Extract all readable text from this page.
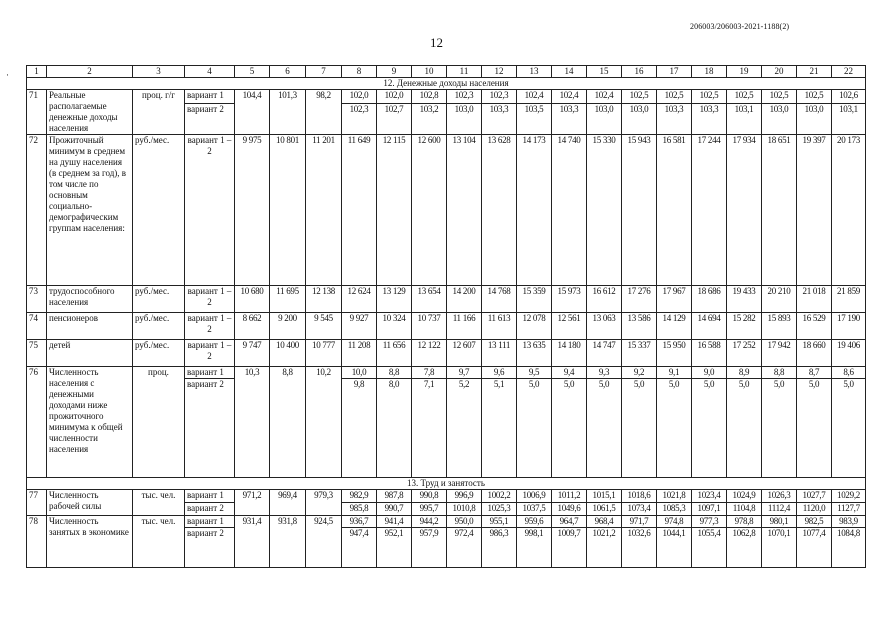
206003/206003-2021-1188(2)
12
·	1	2	3	4	5	6	7	8	9	10	11	12	13	14	15	16	17	18	19	20	21	22
12. Денежные доходы населения																					
71	Реальные располагаемые денежные доходы населения	проц. г/г	вариант 1	104,4	101,3	98,2	102,0	102,0	102,8	102,3	102,3	102,4	102,4	102,4	102,5	102,5	102,5	102,5	102,5	102,5	102,6

			вариант 2				102,3	102,7	103,2	103,0	103,3	103,5	103,3	103,0	103,0	103,3	103,3	103,1	103,0	103,0	103,1

72	Прожиточный минимум в среднем на душу населения (в среднем за год), в том числе по основным социально-демографическим группам населения:	руб./мес.	вариант 1 – 2	9 975	10 801	11 201	11 649	12 115	12 600	13 104	13 628	14 173	14 740	15 330	15 943	16 581	17 244	17 934	18 651	19 397	20 173

73	трудоспособного населения	руб./мес.	вариант 1 – 2	10 680	11 695	12 138	12 624	13 129	13 654	14 200	14 768	15 359	15 973	16 612	17 276	17 967	18 686	19 433	20 210	21 018	21 859

74	пенсионеров	руб./мес.	вариант 1 – 2	8 662	9 200	9 545	9 927	10 324	10 737	11 166	11 613	12 078	12 561	13 063	13 586	14 129	14 694	15 282	15 893	16 529	17 190

75	детей	руб./мес.	вариант 1 – 2	9 747	10 400	10 777	11 208	11 656	12 122	12 607	13 111	13 635	14 180	14 747	15 337	15 950	16 588	17 252	17 942	18 660	19 406

76	Численность населения с денежными доходами ниже прожиточного минимума к общей численности населения	проц.	вариант 1	10,3	8,8	10,2	10,0	8,8	7,8	9,7	9,6	9,5	9,4	9,3	9,2	9,1	9,0	8,9	8,8	8,7	8,6

			вариант 2				9,8	8,0	7,1	5,2	5,1	5,0	5,0	5,0	5,0	5,0	5,0	5,0	5,0	5,0	5,0

13. Труд и занятость																					
77	Численность рабочей силы	тыс. чел.	вариант 1	971,2	969,4	979,3	982,9	987,8	990,8	996,9	1002,2	1006,9	1011,2	1015,1	1018,6	1021,8	1023,4	1024,9	1026,3	1027,7	1029,2

			вариант 2				985,8	990,7	995,7	1010,8	1025,3	1037,5	1049,6	1061,5	1073,4	1085,3	1097,1	1104,8	1112,4	1120,0	1127,7

78	Численность занятых в экономике	тыс. чел.	вариант 1	931,4	931,8	924,5	936,7	941,4	944,2	950,0	955,1	959,6	964,7	968,4	971,7	974,8	977,3	978,8	980,1	982,5	983,9

			вариант 2				947,4	952,1	957,9	972,4	986,3	998,1	1009,7	1021,2	1032,6	1044,1	1055,4	1062,8	1070,1	1077,4	1084,8
